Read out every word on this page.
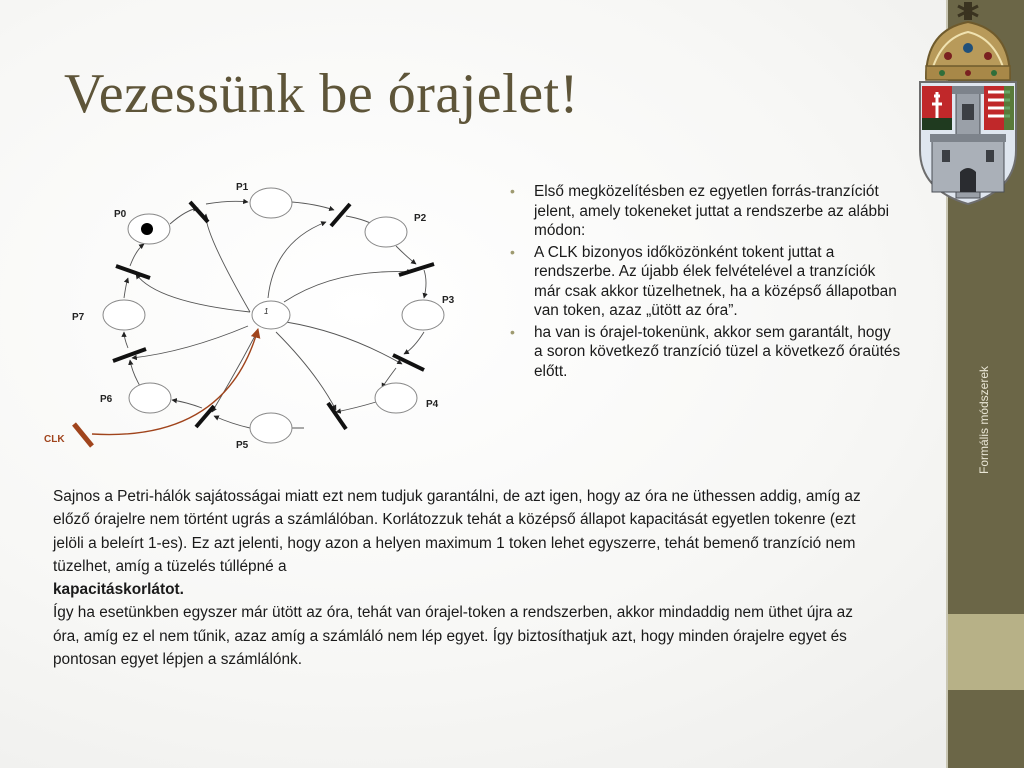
Vezessünk be órajelet!
Formális módszerek
P0
P1
P2
P3
P4
P5
P6
P7
1
CLK
• Első megközelítésben ez egyetlen forrás-tranzíciót jelent, amely tokeneket juttat a rendszerbe az alábbi módon:
• A CLK bizonyos időközönként tokent juttat a rendszerbe. Az újabb élek felvételével a tranzíciók már csak akkor tüzelhetnek, ha a középső állapotban van token, azaz „ütött az óra”.
• ha van is órajel-tokenünk, akkor sem garantált, hogy a soron következő tranzíció tüzel a következő óraütés előtt.

Sajnos a Petri-hálók sajátosságai miatt ezt nem tudjuk garantálni, de azt igen, hogy az óra ne üthessen addig, amíg az előző órajelre nem történt ugrás a számlálóban. Korlátozzuk tehát a középső állapot kapacitását egyetlen tokenre (ezt jelöli a beleírt 1-es). Ez azt jelenti, hogy azon a helyen maximum 1 token lehet egyszerre, tehát bemenő tranzíció nem tüzelhet, amíg a tüzelés túllépné a
kapacitáskorlátot.

Így ha esetünkben egyszer már ütött az óra, tehát van órajel-token a rendszerben, akkor mindaddig nem üthet újra az óra, amíg ez el nem tűnik, azaz amíg a számláló nem lép egyet. Így biztosíthatjuk azt, hogy minden órajelre egyet és pontosan egyet lépjen a számlálónk.
